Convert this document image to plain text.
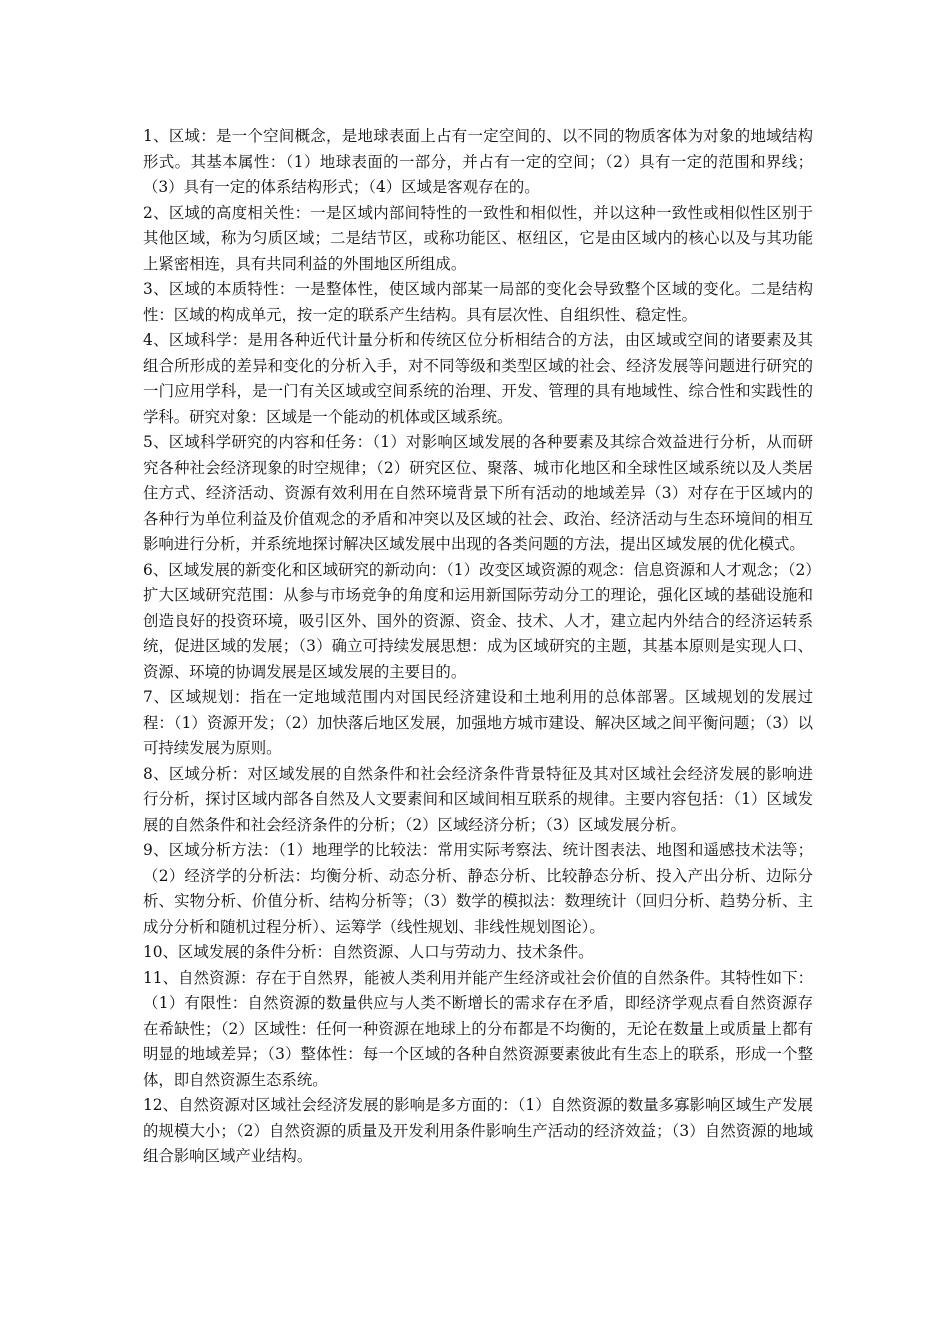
1、区域：是一个空间概念，是地球表面上占有一定空间的、以不同的物质客体为对象的地域结构形式。其基本属性：（1）地球表面的一部分，并占有一定的空间；（2）具有一定的范围和界线；（3）具有一定的体系结构形式；（4）区域是客观存在的。

2、区域的高度相关性：一是区域内部间特性的一致性和相似性，并以这种一致性或相似性区别于其他区域，称为匀质区域；二是结节区，或称功能区、枢纽区，它是由区域内的核心以及与其功能上紧密相连，具有共同利益的外围地区所组成。

3、区域的本质特性：一是整体性，使区域内部某一局部的变化会导致整个区域的变化。二是结构性：区域的构成单元，按一定的联系产生结构。具有层次性、自组织性、稳定性。

4、区域科学：是用各种近代计量分析和传统区位分析相结合的方法，由区域或空间的诸要素及其组合所形成的差异和变化的分析入手，对不同等级和类型区域的社会、经济发展等问题进行研究的一门应用学科，是一门有关区域或空间系统的治理、开发、管理的具有地域性、综合性和实践性的学科。研究对象：区域是一个能动的机体或区域系统。

5、区域科学研究的内容和任务：（1）对影响区域发展的各种要素及其综合效益进行分析，从而研究各种社会经济现象的时空规律；（2）研究区位、聚落、城市化地区和全球性区域系统以及人类居住方式、经济活动、资源有效利用在自然环境背景下所有活动的地域差异（3）对存在于区域内的各种行为单位利益及价值观念的矛盾和冲突以及区域的社会、政治、经济活动与生态环境间的相互影响进行分析，并系统地探讨解决区域发展中出现的各类问题的方法，提出区域发展的优化模式。

6、区域发展的新变化和区域研究的新动向：（1）改变区域资源的观念：信息资源和人才观念；（2）扩大区域研究范围：从参与市场竞争的角度和运用新国际劳动分工的理论，强化区域的基础设施和创造良好的投资环境，吸引区外、国外的资源、资金、技术、人才，建立起内外结合的经济运转系统，促进区域的发展；（3）确立可持续发展思想：成为区域研究的主题，其基本原则是实现人口、资源、环境的协调发展是区域发展的主要目的。

7、区域规划：指在一定地域范围内对国民经济建设和土地利用的总体部署。区域规划的发展过程：（1）资源开发；（2）加快落后地区发展，加强地方城市建设、解决区域之间平衡问题；（3）以可持续发展为原则。

8、区域分析：对区域发展的自然条件和社会经济条件背景特征及其对区域社会经济发展的影响进行分析，探讨区域内部各自然及人文要素间和区域间相互联系的规律。主要内容包括：（1）区域发展的自然条件和社会经济条件的分析；（2）区域经济分析；（3）区域发展分析。

9、区域分析方法：（1）地理学的比较法：常用实际考察法、统计图表法、地图和遥感技术法等；（2）经济学的分析法：均衡分析、动态分析、静态分析、比较静态分析、投入产出分析、边际分析、实物分析、价值分析、结构分析等；（3）数学的模拟法：数理统计（回归分析、趋势分析、主成分分析和随机过程分析）、运筹学（线性规划、非线性规划图论）。

10、区域发展的条件分析：自然资源、人口与劳动力、技术条件。

11、自然资源：存在于自然界，能被人类利用并能产生经济或社会价值的自然条件。其特性如下：（1）有限性：自然资源的数量供应与人类不断增长的需求存在矛盾，即经济学观点看自然资源存在希缺性；（2）区域性：任何一种资源在地球上的分布都是不均衡的，无论在数量上或质量上都有明显的地域差异；（3）整体性：每一个区域的各种自然资源要素彼此有生态上的联系，形成一个整体，即自然资源生态系统。

12、自然资源对区域社会经济发展的影响是多方面的：（1）自然资源的数量多寡影响区域生产发展的规模大小；（2）自然资源的质量及开发利用条件影响生产活动的经济效益；（3）自然资源的地域组合影响区域产业结构。
